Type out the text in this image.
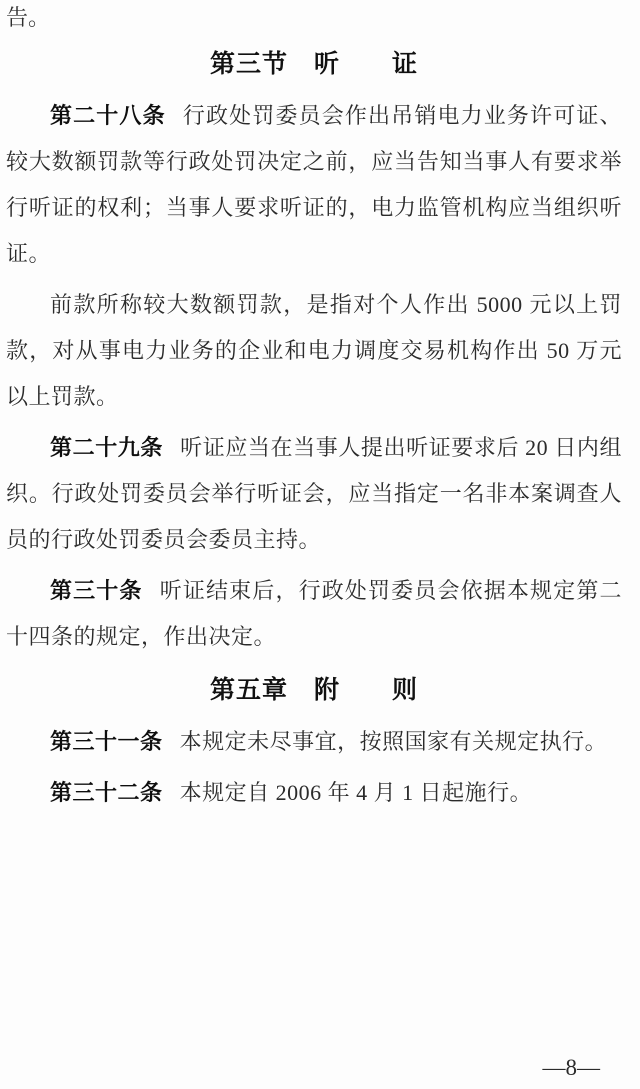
告。

第三节　听　　证

第二十八条 行政处罚委员会作出吊销电力业务许可证、较大数额罚款等行政处罚决定之前，应当告知当事人有要求举行听证的权利；当事人要求听证的，电力监管机构应当组织听证。

前款所称较大数额罚款，是指对个人作出 5000 元以上罚款，对从事电力业务的企业和电力调度交易机构作出 50 万元以上罚款。

第二十九条 听证应当在当事人提出听证要求后 20 日内组织。行政处罚委员会举行听证会，应当指定一名非本案调查人员的行政处罚委员会委员主持。

第三十条 听证结束后，行政处罚委员会依据本规定第二十四条的规定，作出决定。

第五章　附　　则

第三十一条 本规定未尽事宜，按照国家有关规定执行。

第三十二条 本规定自 2006 年 4 月 1 日起施行。

—8—
